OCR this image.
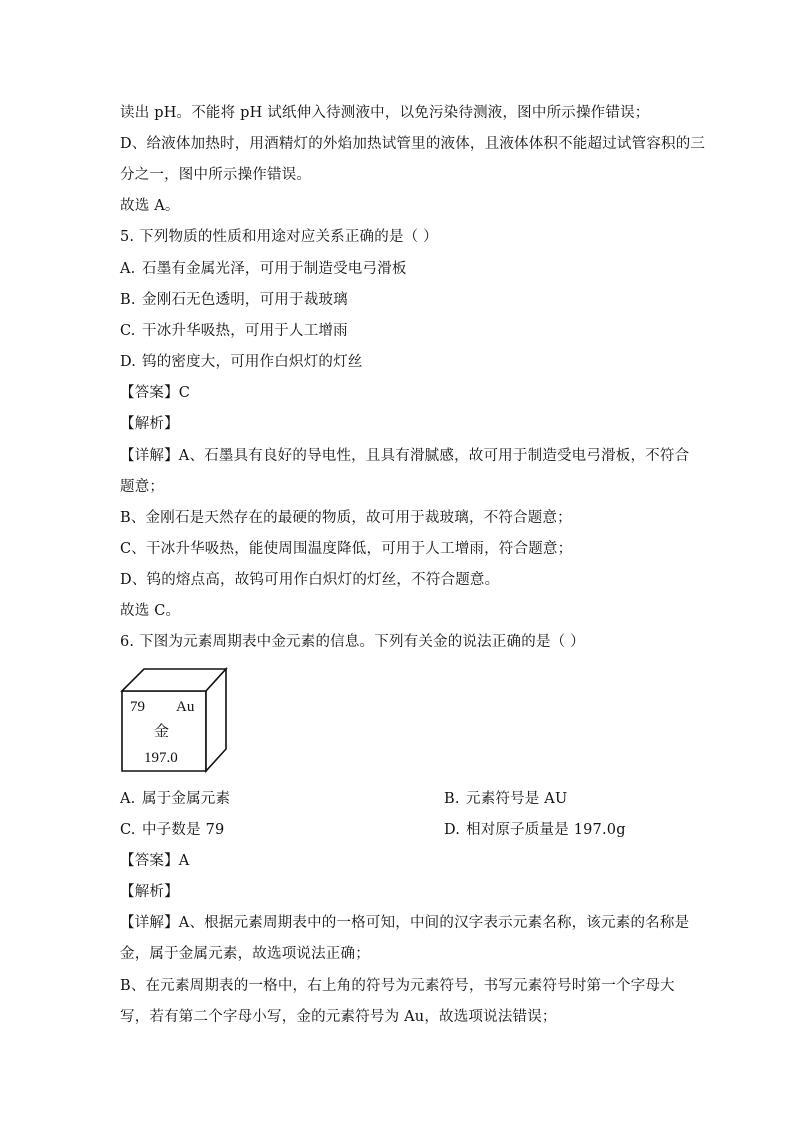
读出 pH。不能将 pH 试纸伸入待测液中，以免污染待测液，图中所示操作错误；

D、给液体加热时，用酒精灯的外焰加热试管里的液体，且液体体积不能超过试管容积的三

分之一，图中所示操作错误。

故选 A。

5. 下列物质的性质和用途对应关系正确的是（ ）

A. 石墨有金属光泽，可用于制造受电弓滑板

B. 金刚石无色透明，可用于裁玻璃

C. 干冰升华吸热，可用于人工增雨

D. 钨的密度大，可用作白炽灯的灯丝

【答案】C

【解析】

【详解】A、石墨具有良好的导电性，且具有滑腻感，故可用于制造受电弓滑板，不符合

题意；

B、金刚石是天然存在的最硬的物质，故可用于裁玻璃，不符合题意；

C、干冰升华吸热，能使周围温度降低，可用于人工增雨，符合题意；

D、钨的熔点高，故钨可用作白炽灯的灯丝，不符合题意。

故选 C。

6. 下图为元素周期表中金元素的信息。下列有关金的说法正确的是（ ）

79 Au
金
197.0

A. 属于金属元素	B. 元素符号是 AU

C. 中子数是 79	D. 相对原子质量是 197.0g

【答案】A

【解析】

【详解】A、根据元素周期表中的一格可知，中间的汉字表示元素名称，该元素的名称是

金，属于金属元素，故选项说法正确；

B、在元素周期表的一格中，右上角的符号为元素符号，书写元素符号时第一个字母大

写，若有第二个字母小写，金的元素符号为 Au，故选项说法错误；
